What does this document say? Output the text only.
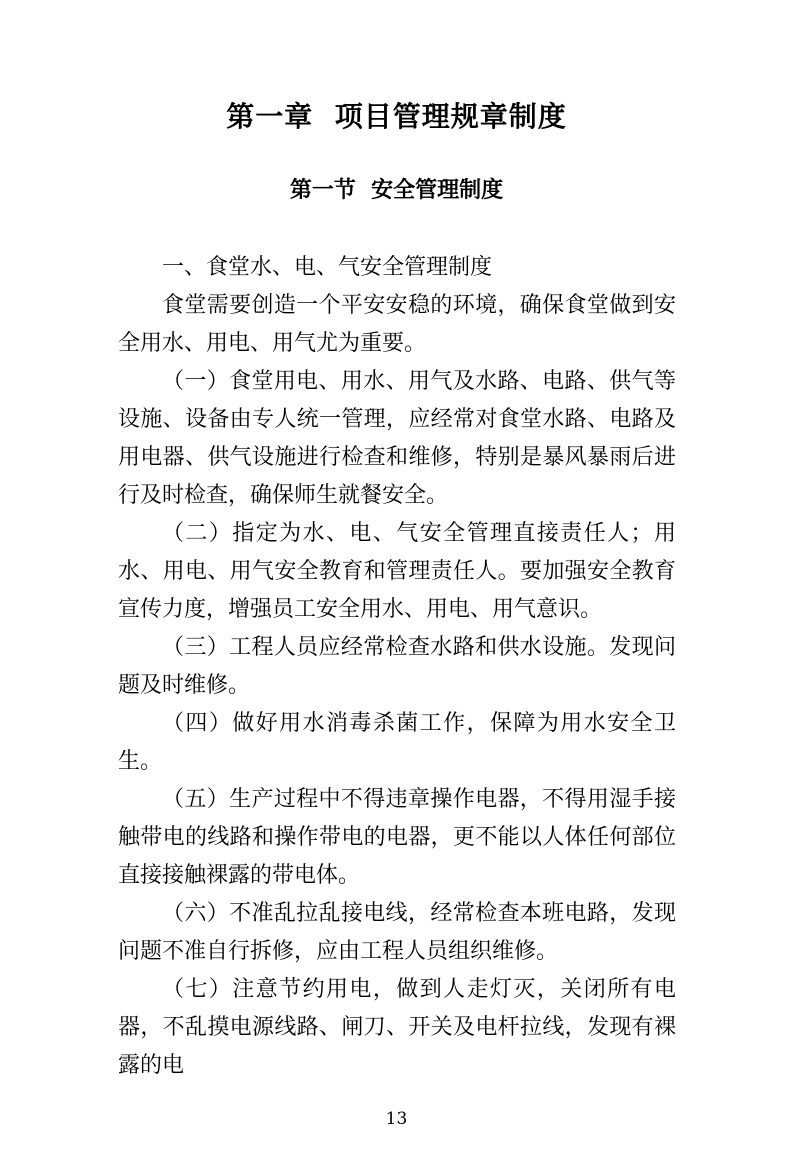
第一章  项目管理规章制度
第一节  安全管理制度

一、食堂水、电、气安全管理制度

食堂需要创造一个平安安稳的环境，确保食堂做到安全用水、用电、用气尤为重要。

（一）食堂用电、用水、用气及水路、电路、供气等设施、设备由专人统一管理，应经常对食堂水路、电路及用电器、供气设施进行检查和维修，特别是暴风暴雨后进行及时检查，确保师生就餐安全。

（二）指定为水、电、气安全管理直接责任人；用水、用电、用气安全教育和管理责任人。要加强安全教育宣传力度，增强员工安全用水、用电、用气意识。

（三）工程人员应经常检查水路和供水设施。发现问题及时维修。

（四）做好用水消毒杀菌工作，保障为用水安全卫生。

（五）生产过程中不得违章操作电器，不得用湿手接触带电的线路和操作带电的电器，更不能以人体任何部位直接接触裸露的带电体。

（六）不准乱拉乱接电线，经常检查本班电路，发现问题不准自行拆修，应由工程人员组织维修。

（七）注意节约用电，做到人走灯灭，关闭所有电器，不乱摸电源线路、闸刀、开关及电杆拉线，发现有裸露的电

13
